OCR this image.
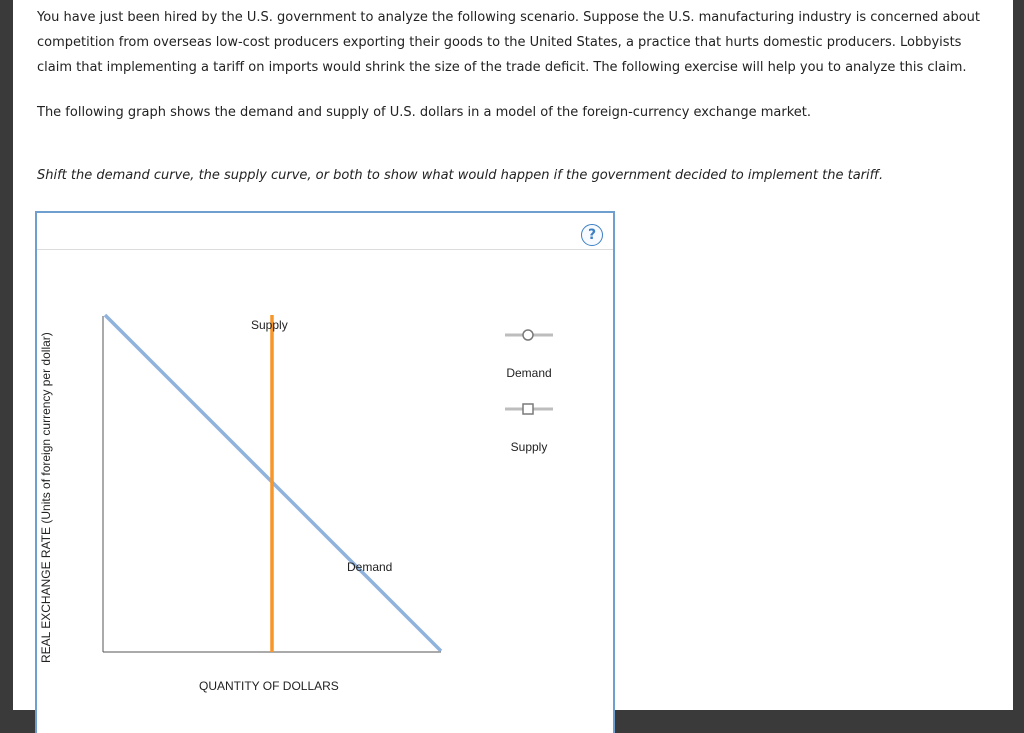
You have just been hired by the U.S. government to analyze the following scenario. Suppose the U.S. manufacturing industry is concerned about competition from overseas low-cost producers exporting their goods to the United States, a practice that hurts domestic producers. Lobbyists claim that implementing a tariff on imports would shrink the size of the trade deficit. The following exercise will help you to analyze this claim.

The following graph shows the demand and supply of U.S. dollars in a model of the foreign-currency exchange market.

Shift the demand curve, the supply curve, or both to show what would happen if the government decided to implement the tariff.

?
Supply
Demand
Demand
Supply
REAL EXCHANGE RATE (Units of foreign currency per dollar)
QUANTITY OF DOLLARS
